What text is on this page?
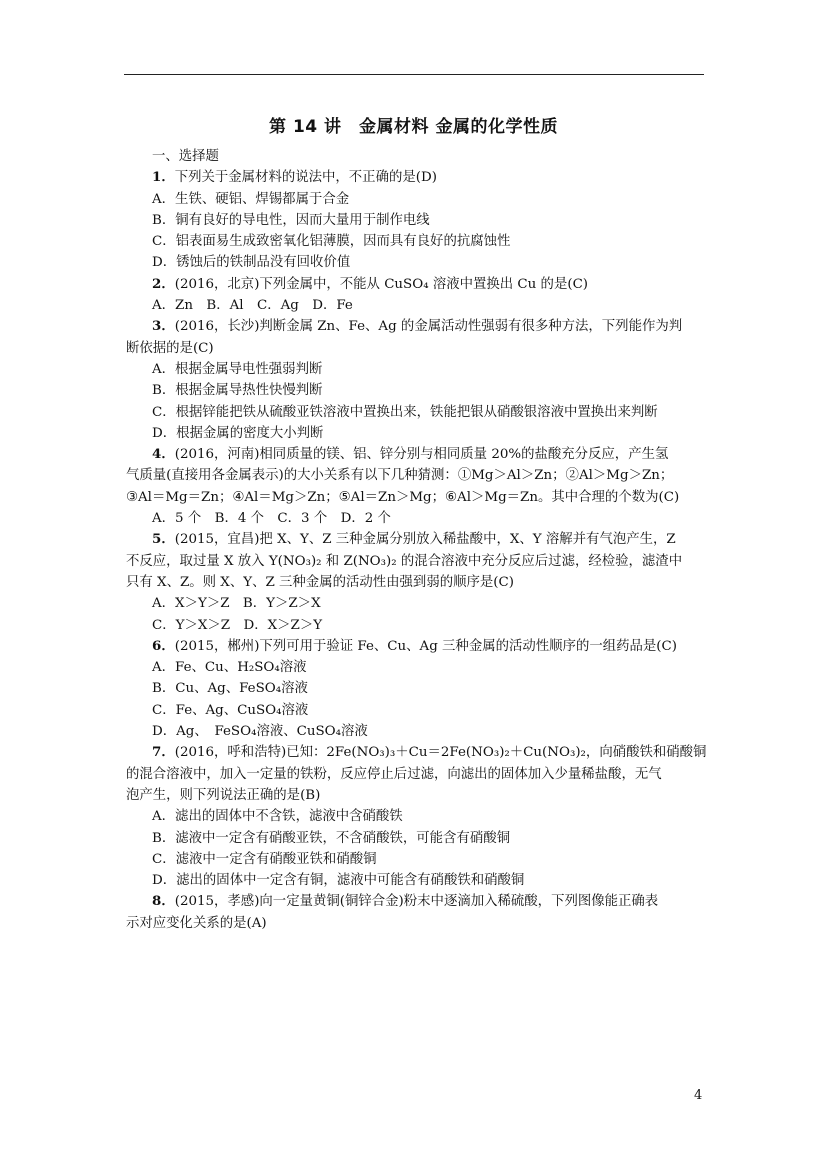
第 14 讲　金属材料 金属的化学性质
一、选择题
1．下列关于金属材料的说法中，不正确的是(D)
A．生铁、硬铝、焊锡都属于合金
B．铜有良好的导电性，因而大量用于制作电线
C．铝表面易生成致密氧化铝薄膜，因而具有良好的抗腐蚀性
D．锈蚀后的铁制品没有回收价值
2．(2016，北京)下列金属中，不能从 CuSO₄ 溶液中置换出 Cu 的是(C)
A．Zn　B．Al　C．Ag　D．Fe
3．(2016，长沙)判断金属 Zn、Fe、Ag 的金属活动性强弱有很多种方法，下列能作为判
断依据的是(C)
A．根据金属导电性强弱判断
B．根据金属导热性快慢判断
C．根据锌能把铁从硫酸亚铁溶液中置换出来，铁能把银从硝酸银溶液中置换出来判断
D．根据金属的密度大小判断
4．(2016，河南)相同质量的镁、铝、锌分别与相同质量 20%的盐酸充分反应，产生氢
气质量(直接用各金属表示)的大小关系有以下几种猜测：①Mg＞Al＞Zn；②Al＞Mg＞Zn；
③Al＝Mg＝Zn；④Al＝Mg＞Zn；⑤Al＝Zn＞Mg；⑥Al＞Mg＝Zn。其中合理的个数为(C)
A．5 个　B．4 个　C．3 个　D．2 个
5．(2015，宜昌)把 X、Y、Z 三种金属分别放入稀盐酸中，X、Y 溶解并有气泡产生，Z
不反应，取过量 X 放入 Y(NO₃)₂ 和 Z(NO₃)₂ 的混合溶液中充分反应后过滤，经检验，滤渣中
只有 X、Z。则 X、Y、Z 三种金属的活动性由强到弱的顺序是(C)
A．X＞Y＞Z　B．Y＞Z＞X
C．Y＞X＞Z　D．X＞Z＞Y
6．(2015，郴州)下列可用于验证 Fe、Cu、Ag 三种金属的活动性顺序的一组药品是(C)
A．Fe、Cu、H₂SO₄溶液
B．Cu、Ag、FeSO₄溶液
C．Fe、Ag、CuSO₄溶液
D．Ag、　FeSO₄溶液、CuSO₄溶液
7．(2016，呼和浩特)已知：2Fe(NO₃)₃＋Cu＝2Fe(NO₃)₂＋Cu(NO₃)₂，向硝酸铁和硝酸铜
的混合溶液中，加入一定量的铁粉，反应停止后过滤，向滤出的固体加入少量稀盐酸，无气
泡产生，则下列说法正确的是(B)
A．滤出的固体中不含铁，滤液中含硝酸铁
B．滤液中一定含有硝酸亚铁，不含硝酸铁，可能含有硝酸铜
C．滤液中一定含有硝酸亚铁和硝酸铜
D．滤出的固体中一定含有铜，滤液中可能含有硝酸铁和硝酸铜
8．(2015，孝感)向一定量黄铜(铜锌合金)粉末中逐滴加入稀硫酸，下列图像能正确表
示对应变化关系的是(A)
4
